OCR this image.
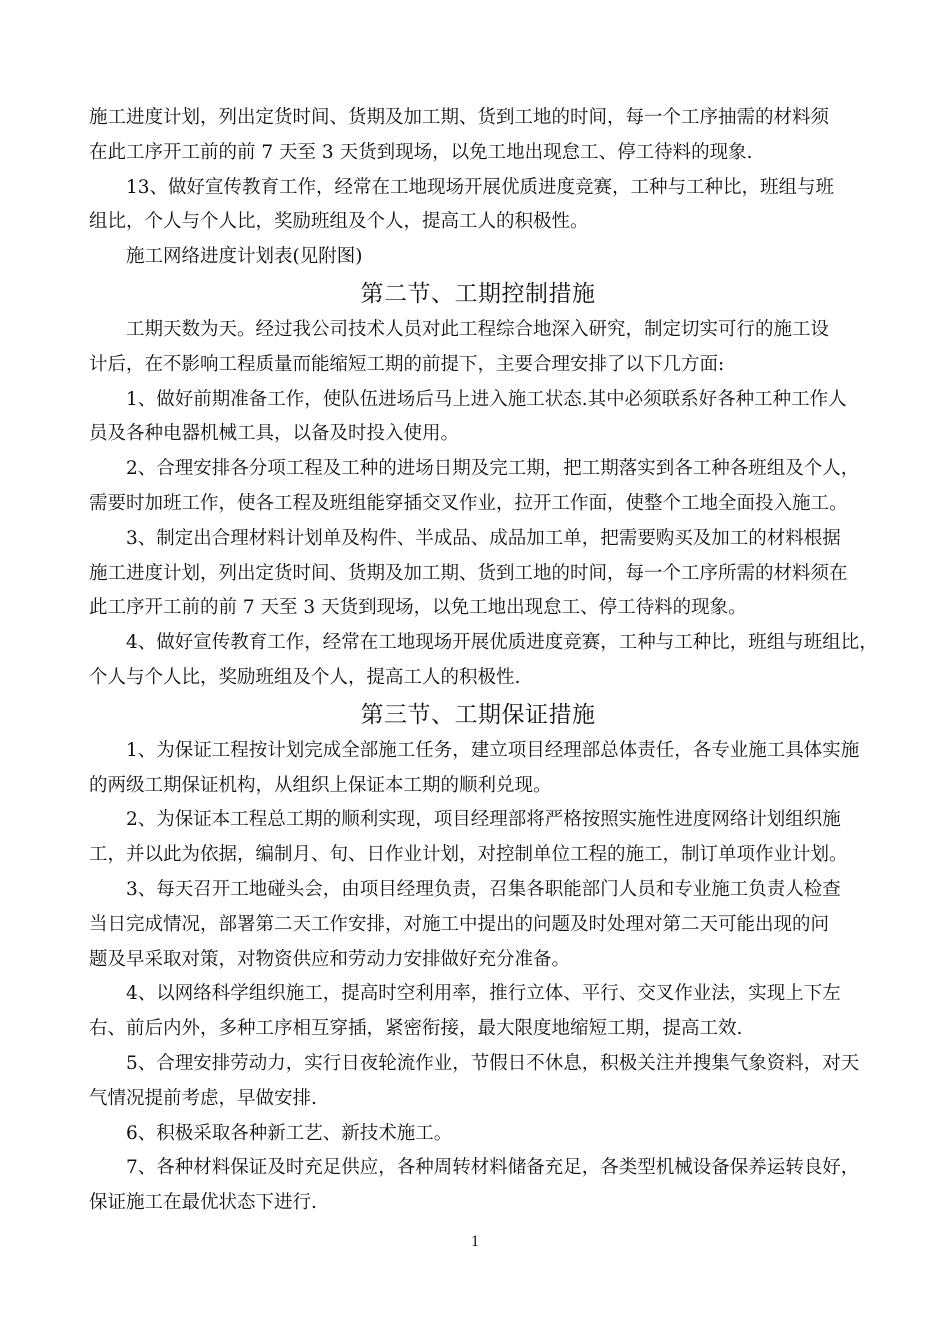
施工进度计划，列出定货时间、货期及加工期、货到工地的时间，每一个工序抽需的材料须
在此工序开工前的前 7 天至 3 天货到现场，以免工地出现怠工、停工待料的现象.
13、做好宣传教育工作，经常在工地现场开展优质进度竞赛，工种与工种比，班组与班
组比，个人与个人比，奖励班组及个人，提高工人的积极性。
施工网络进度计划表(见附图)
第二节、工期控制措施
工期天数为天。经过我公司技术人员对此工程综合地深入研究，制定切实可行的施工设
计后，在不影响工程质量而能缩短工期的前提下，主要合理安排了以下几方面:
1、做好前期准备工作，使队伍进场后马上进入施工状态.其中必须联系好各种工种工作人
员及各种电器机械工具，以备及时投入使用。
2、合理安排各分项工程及工种的进场日期及完工期，把工期落实到各工种各班组及个人，
需要时加班工作，使各工程及班组能穿插交叉作业，拉开工作面，使整个工地全面投入施工。
3、制定出合理材料计划单及构件、半成品、成品加工单，把需要购买及加工的材料根据
施工进度计划，列出定货时间、货期及加工期、货到工地的时间，每一个工序所需的材料须在
此工序开工前的前 7 天至 3 天货到现场，以免工地出现怠工、停工待料的现象。
4、做好宣传教育工作，经常在工地现场开展优质进度竞赛，工种与工种比，班组与班组比，
个人与个人比，奖励班组及个人，提高工人的积极性.
第三节、工期保证措施
1、为保证工程按计划完成全部施工任务，建立项目经理部总体责任，各专业施工具体实施
的两级工期保证机构，从组织上保证本工期的顺利兑现。
2、为保证本工程总工期的顺利实现，项目经理部将严格按照实施性进度网络计划组织施
工，并以此为依据，编制月、旬、日作业计划，对控制单位工程的施工，制订单项作业计划。
3、每天召开工地碰头会，由项目经理负责，召集各职能部门人员和专业施工负责人检查
当日完成情况，部署第二天工作安排，对施工中提出的问题及时处理对第二天可能出现的问
题及早采取对策，对物资供应和劳动力安排做好充分准备。
4、以网络科学组织施工，提高时空利用率，推行立体、平行、交叉作业法，实现上下左
右、前后内外，多种工序相互穿插，紧密衔接，最大限度地缩短工期，提高工效.
5、合理安排劳动力，实行日夜轮流作业，节假日不休息，积极关注并搜集气象资料，对天
气情况提前考虑，早做安排.
6、积极采取各种新工艺、新技术施工。
7、各种材料保证及时充足供应，各种周转材料储备充足，各类型机械设备保养运转良好，
保证施工在最优状态下进行.
1
